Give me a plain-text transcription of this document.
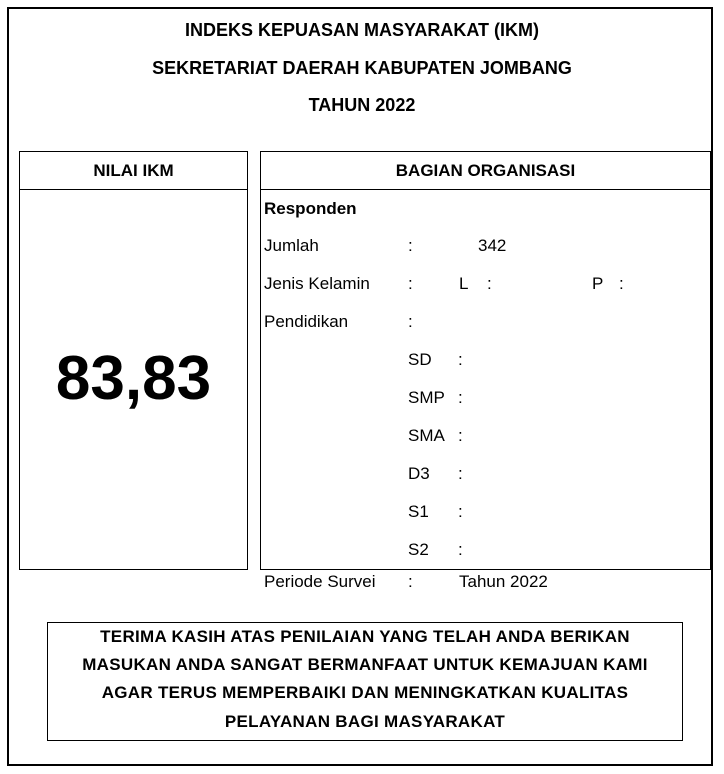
INDEKS KEPUASAN MASYARAKAT (IKM)
SEKRETARIAT DAERAH KABUPATEN JOMBANG
TAHUN 2022
NILAI IKM
83,83
BAGIAN ORGANISASI
Responden
Jumlah	:	342
Jenis Kelamin :	L :	P :
Pendidikan	:
SD :
SMP :
SMA :
D3 :
S1 :
S2 :
Periode Survei :	Tahun 2022
TERIMA KASIH ATAS PENILAIAN YANG TELAH ANDA BERIKAN
MASUKAN ANDA SANGAT BERMANFAAT UNTUK KEMAJUAN KAMI
AGAR TERUS MEMPERBAIKI DAN MENINGKATKAN KUALITAS
PELAYANAN BAGI MASYARAKAT
